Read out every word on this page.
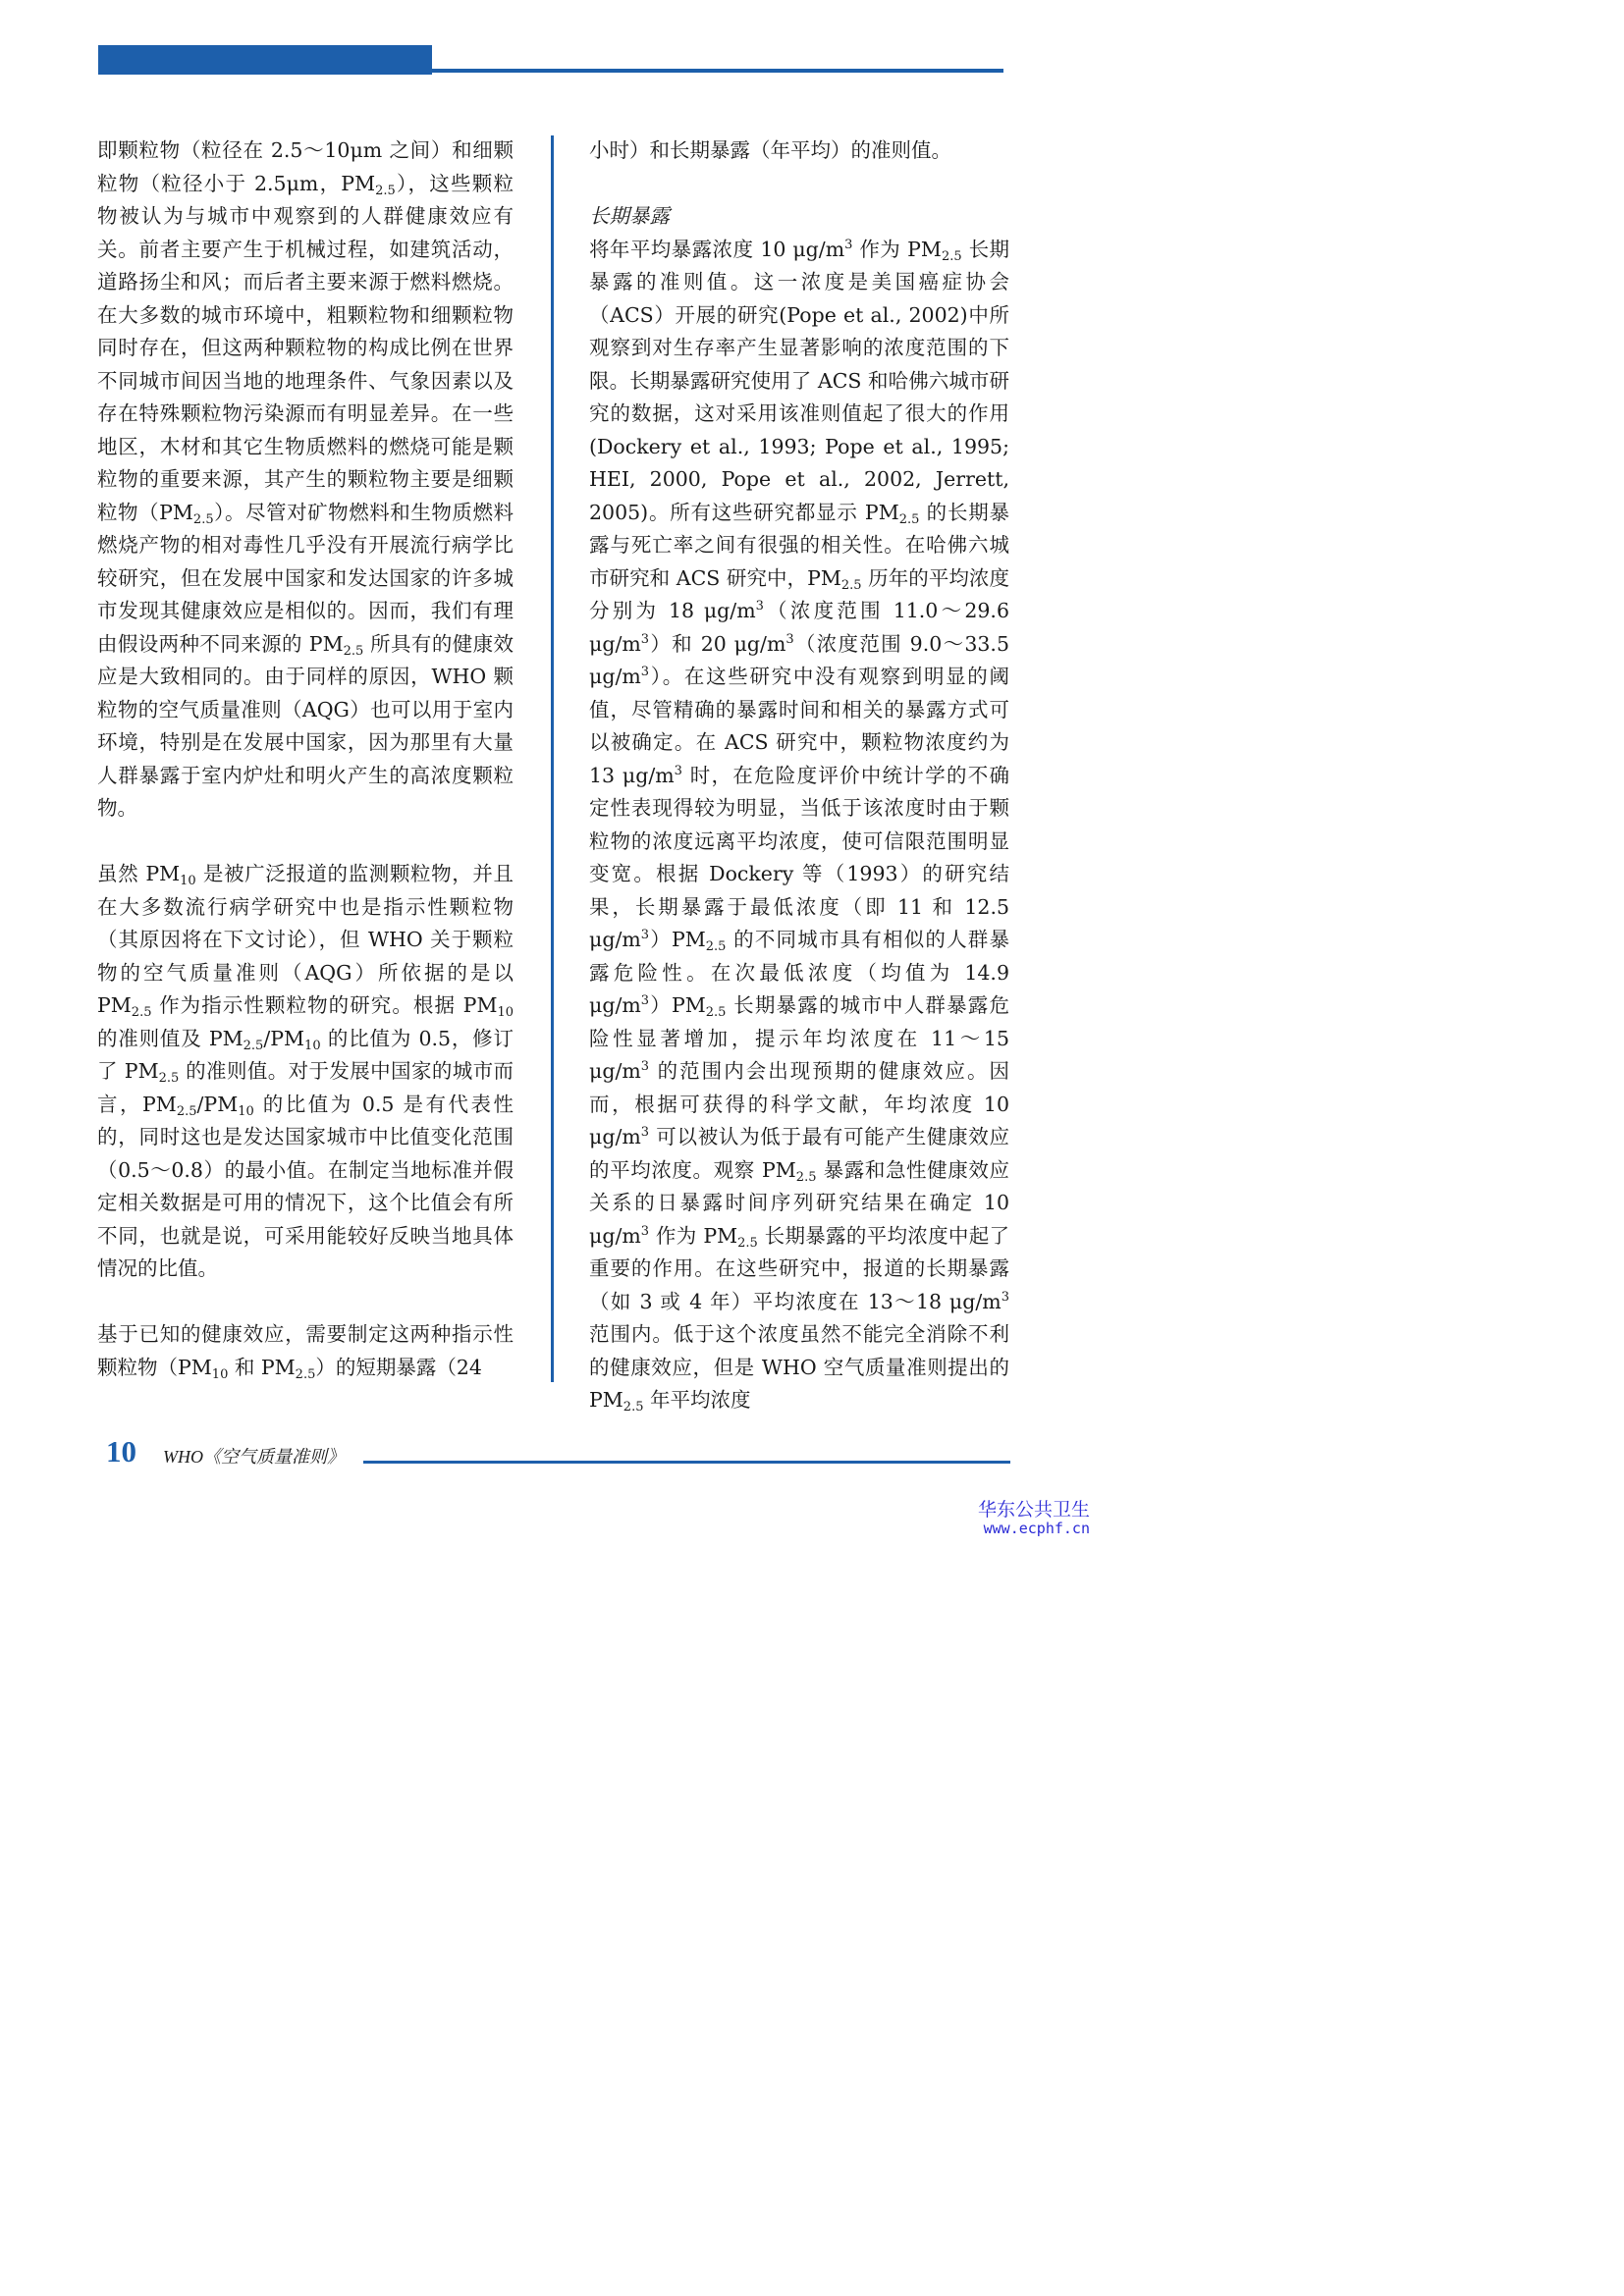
即颗粒物（粒径在 2.5～10μm 之间）和细颗粒物（粒径小于 2.5μm，$PM_{2.5}$），这些颗粒物被认为与城市中观察到的人群健康效应有关。前者主要产生于机械过程，如建筑活动，道路扬尘和风；而后者主要来源于燃料燃烧。在大多数的城市环境中，粗颗粒物和细颗粒物同时存在，但这两种颗粒物的构成比例在世界不同城市间因当地的地理条件、气象因素以及存在特殊颗粒物污染源而有明显差异。在一些地区，木材和其它生物质燃料的燃烧可能是颗粒物的重要来源，其产生的颗粒物主要是细颗粒物$(PM_{2.5})$。尽管对矿物燃料和生物质燃料燃烧产物的相对毒性几乎没有开展流行病学比较研究，但在发展中国家和发达国家的许多城市发现其健康效应是相似的。因而，我们有理由假设两种不同来源的 $PM_{2.5}$ 所具有的健康效应是大致相同的。由于同样的原因，WHO 颗粒物的空气质量准则（AQG）也可以用于室内环境，特别是在发展中国家，因为那里有大量人群暴露于室内炉灶和明火产生的高浓度颗粒物。

虽然 $PM_{10}$ 是被广泛报道的监测颗粒物，并且在大多数流行病学研究中也是指示性颗粒物（其原因将在下文讨论），但 WHO 关于颗粒物的空气质量准则（AQG）所依据的是以 $PM_{2.5}$ 作为指示性颗粒物的研究。根据 $PM_{10}$ 的准则值及 $PM_{2.5}/PM_{10}$ 的比值为 0.5，修订了 $PM_{2.5}$ 的准则值。对于发展中国家的城市而言，$PM_{2.5}/PM_{10}$ 的比值为 0.5 是有代表性的，同时这也是发达国家城市中比值变化范围（0.5～0.8）的最小值。在制定当地标准并假定相关数据是可用的情况下，这个比值会有所不同，也就是说，可采用能较好反映当地具体情况的比值。

基于已知的健康效应，需要制定这两种指示性颗粒物（$PM_{10}$ 和 $PM_{2.5}$）的短期暴露（24

小时）和长期暴露（年平均）的准则值。

长期暴露

将年平均暴露浓度 10 $\mu g/m^3$ 作为 $PM_{2.5}$ 长期暴露的准则值。这一浓度是美国癌症协会（ACS）开展的研究(Pope et al., 2002)中所观察到对生存率产生显著影响的浓度范围的下限。长期暴露研究使用了 ACS 和哈佛六城市研究的数据，这对采用该准则值起了很大的作用 (Dockery et al., 1993; Pope et al., 1995; HEI, 2000, Pope et al., 2002, Jerrett, 2005)。所有这些研究都显示 $PM_{2.5}$ 的长期暴露与死亡率之间有很强的相关性。在哈佛六城市研究和 ACS 研究中，$PM_{2.5}$ 历年的平均浓度分别为 18 $\mu g/m^3$（浓度范围 11.0～29.6 $\mu g/m^3$）和 20 $\mu g/m^3$（浓度范围 9.0～33.5 $\mu g/m^3$）。在这些研究中没有观察到明显的阈值，尽管精确的暴露时间和相关的暴露方式可以被确定。在 ACS 研究中，颗粒物浓度约为 13 $\mu g/m^3$ 时，在危险度评价中统计学的不确定性表现得较为明显，当低于该浓度时由于颗粒物的浓度远离平均浓度，使可信限范围明显变宽。根据 Dockery 等（1993）的研究结果，长期暴露于最低浓度（即 11 和 12.5 $\mu g/m^3)PM_{2.5}$ 的不同城市具有相似的人群暴露危险性。在次最低浓度（均值为 14.9 $\mu g/m^3)PM_{2.5}$ 长期暴露的城市中人群暴露危险性显著增加，提示年均浓度在 11～15 $\mu g/m^3$ 的范围内会出现预期的健康效应。因而，根据可获得的科学文献，年均浓度 10 $\mu g/m^3$ 可以被认为低于最有可能产生健康效应的平均浓度。观察 $PM_{2.5}$ 暴露和急性健康效应关系的日暴露时间序列研究结果在确定 10 $\mu g/m^3$ 作为 $PM_{2.5}$ 长期暴露的平均浓度中起了重要的作用。在这些研究中，报道的长期暴露（如 3 或 4 年）平均浓度在 13～18 $\mu g/m^3$ 范围内。低于这个浓度虽然不能完全消除不利的健康效应，但是 WHO 空气质量准则提出的 $PM_{2.5}$ 年平均浓度

10 WHO《空气质量准则》
华东公共卫生
www.ecphf.cn
